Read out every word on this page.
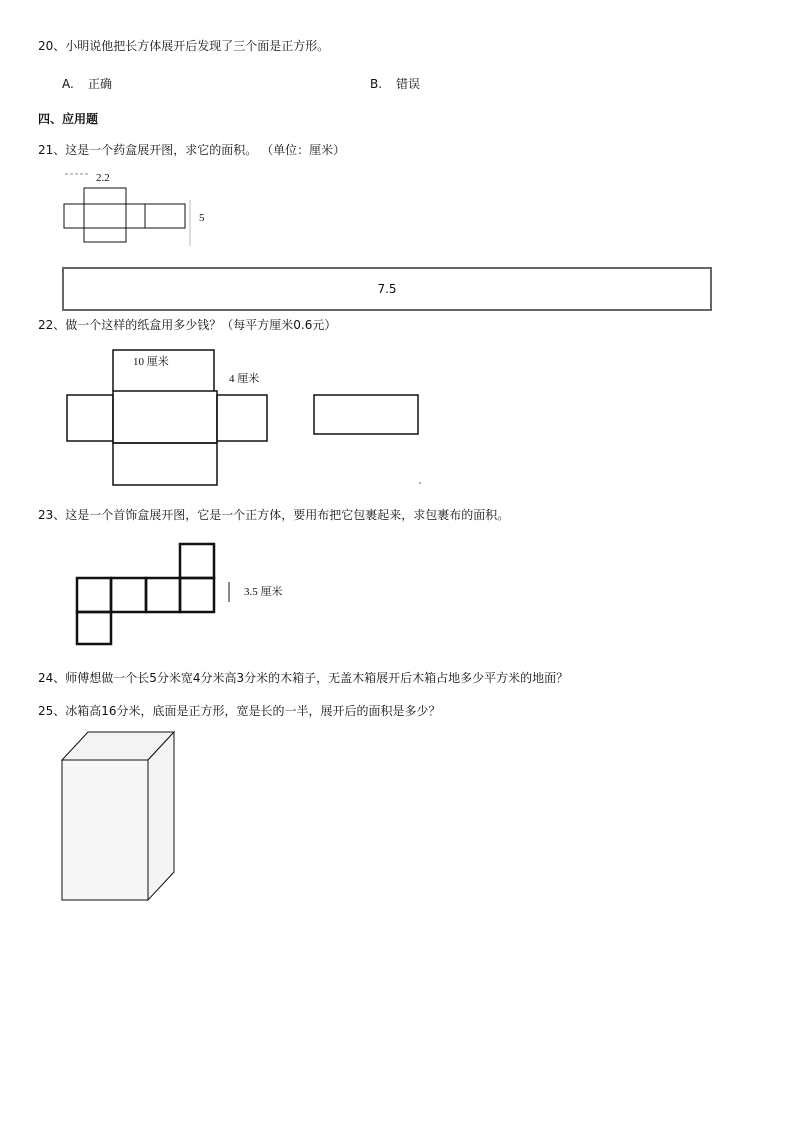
20、小明说他把长方体展开后发现了三个面是正方形。
A. 正确	B. 错误
四、应用题
21、这是一个药盒展开图，求它的面积。 （单位：厘米）
2.2
5
7.5
22、做一个这样的纸盒用多少钱？（每平方厘米0.6元）
10 厘米
4 厘米
23、这是一个首饰盒展开图，它是一个正方体，要用布把它包裹起来，求包裹布的面积。
3.5 厘米
24、师傅想做一个长5分米宽4分米高3分米的木箱子，无盖木箱展开后木箱占地多少平方米的地面？
25、冰箱高16分米，底面是正方形，宽是长的一半，展开后的面积是多少？
